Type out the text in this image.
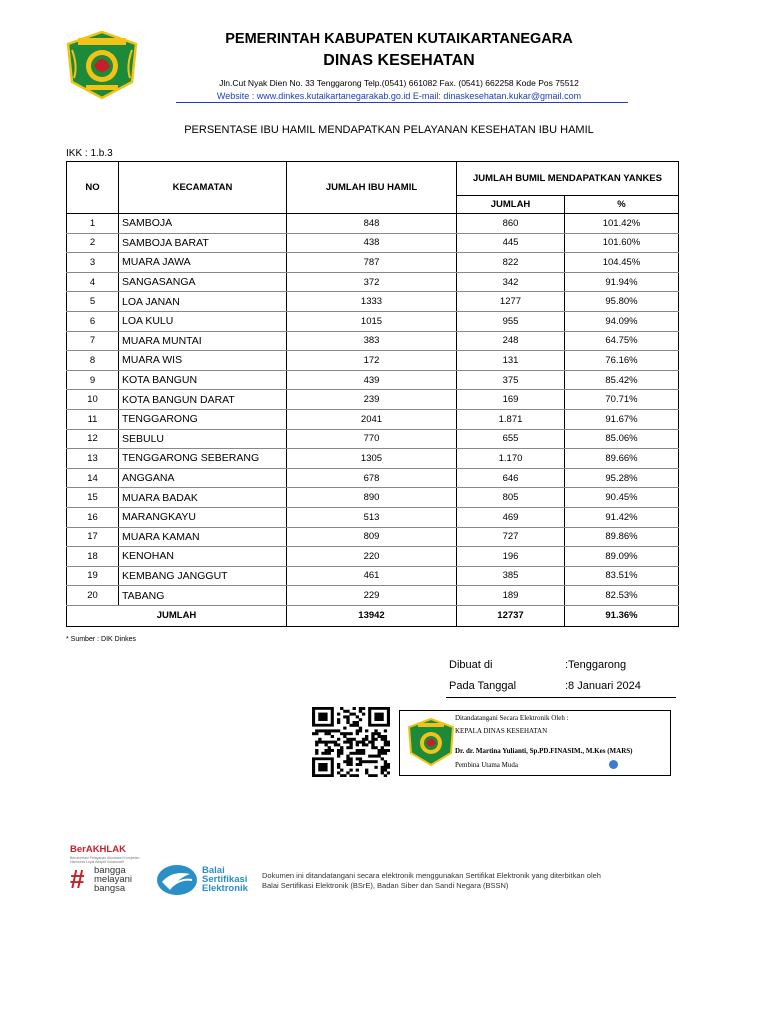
PEMERINTAH KABUPATEN KUTAIKARTANEGARA
DINAS KESEHATAN
Jln.Cut Nyak Dien No. 33 Tenggarong Telp.(0541) 661082 Fax. (0541) 662258 Kode Pos 75512
Website : www.dinkes.kutaikartanegarakab.go.id E-mail: dinaskesehatan.kukar@gmail.com
PERSENTASE IBU HAMIL MENDAPATKAN PELAYANAN KESEHATAN IBU HAMIL
IKK : 1.b.3
NO	KECAMATAN	JUMLAH IBU HAMIL	JUMLAH BUMIL MENDAPATKAN YANKES	
			JUMLAH	%
1	SAMBOJA	848	860	101.42%
2	SAMBOJA BARAT	438	445	101.60%
3	MUARA JAWA	787	822	104.45%
4	SANGASANGA	372	342	91.94%
5	LOA JANAN	1333	1277	95.80%
6	LOA KULU	1015	955	94.09%
7	MUARA MUNTAI	383	248	64.75%
8	MUARA WIS	172	131	76.16%
9	KOTA BANGUN	439	375	85.42%
10	KOTA BANGUN DARAT	239	169	70.71%
11	TENGGARONG	2041	1.871	91.67%
12	SEBULU	770	655	85.06%
13	TENGGARONG SEBERANG	1305	1.170	89.66%
14	ANGGANA	678	646	95.28%
15	MUARA BADAK	890	805	90.45%
16	MARANGKAYU	513	469	91.42%
17	MUARA KAMAN	809	727	89.86%
18	KENOHAN	220	196	89.09%
19	KEMBANG JANGGUT	461	385	83.51%
20	TABANG	229	189	82.53%
JUMLAH		13942	12737	91.36%
* Sumber : DIK Dinkes
Dibuat di	:Tenggarong
Pada Tanggal	:8 Januari 2024
Ditandatangani Secara Elektronik Oleh :
KEPALA DINAS KESEHATAN
Dr. dr. Martina Yulianti, Sp.PD.FINASIM., M.Kes (MARS)
Pembina Utama Muda
BerAKHLAK
Berorientasi Pelayanan Akuntabel Kompeten Harmonis Loyal Adaptif Kolaboratif
#	bangga
melayani
bangsa
Balai
Sertifikasi
Elektronik
Dokumen ini ditandatangani secara elektronik menggunakan Sertifikat Elektronik yang diterbitkan oleh
Balai Sertifikasi Elektronik (BSrE), Badan Siber dan Sandi Negara (BSSN)
